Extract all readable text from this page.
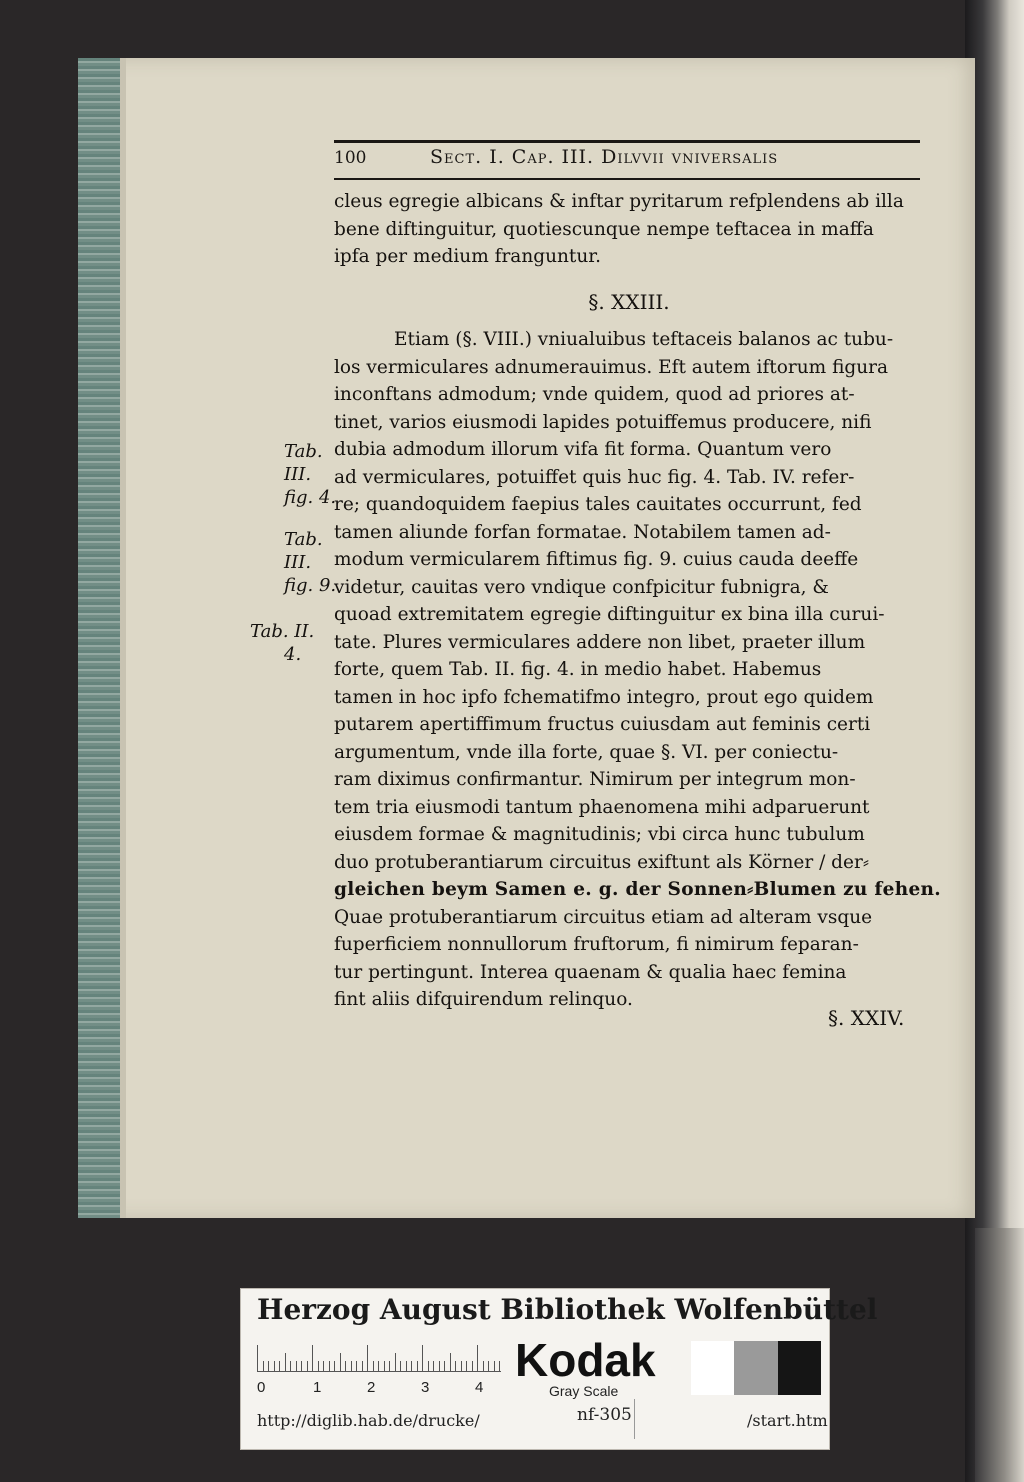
100	Sect. I. Cap. III. Dilvvii vniversalis
cleus egregie albicans & inftar pyritarum refplendens ab illa
bene diftinguitur, quotiescunque nempe teftacea in maffa
ipfa per medium franguntur.
§. XXIII.
Etiam (§. VIII.) vniualuibus teftaceis balanos ac tubu-
los vermiculares adnumerauimus. Eft autem iftorum figura
inconftans admodum; vnde quidem, quod ad priores at-
tinet, varios eiusmodi lapides potuiffemus producere, nifi
dubia admodum illorum vifa fit forma. Quantum vero
ad vermiculares, potuiffet quis huc fig. 4. Tab. IV. refer-
re; quandoquidem faepius tales cauitates occurrunt, fed
tamen aliunde forfan formatae. Notabilem tamen ad-
modum vermicularem fiftimus fig. 9. cuius cauda deeffe
videtur, cauitas vero vndique confpicitur fubnigra, &
quoad extremitatem egregie diftinguitur ex bina illa curui-
tate. Plures vermiculares addere non libet, praeter illum
forte, quem Tab. II. fig. 4. in medio habet. Habemus
tamen in hoc ipfo fchematifmo integro, prout ego quidem
putarem apertiffimum fructus cuiusdam aut feminis certi
argumentum, vnde illa forte, quae §. VI. per coniectu-
ram diximus confirmantur. Nimirum per integrum mon-
tem tria eiusmodi tantum phaenomena mihi adparuerunt
eiusdem formae & magnitudinis; vbi circa hunc tubulum
duo protuberantiarum circuitus exiftunt als Körner / der⸗
gleichen beym Samen e. g. der Sonnen⸗Blumen zu fehen.
Quae protuberantiarum circuitus etiam ad alteram vsque
fuperficiem nonnullorum fruftorum, fi nimirum feparan-
tur pertingunt. Interea quaenam & qualia haec femina
fint aliis difquirendum relinquo.
Tab.
III.
fig. 4.
Tab.
III.
fig. 9.
Tab. II.
4.
§. XXIV.
Herzog August Bibliothek Wolfenbüttel
0	1	2	3	4
Kodak
Gray Scale
http://diglib.hab.de/drucke/	nf-305	/start.htm
